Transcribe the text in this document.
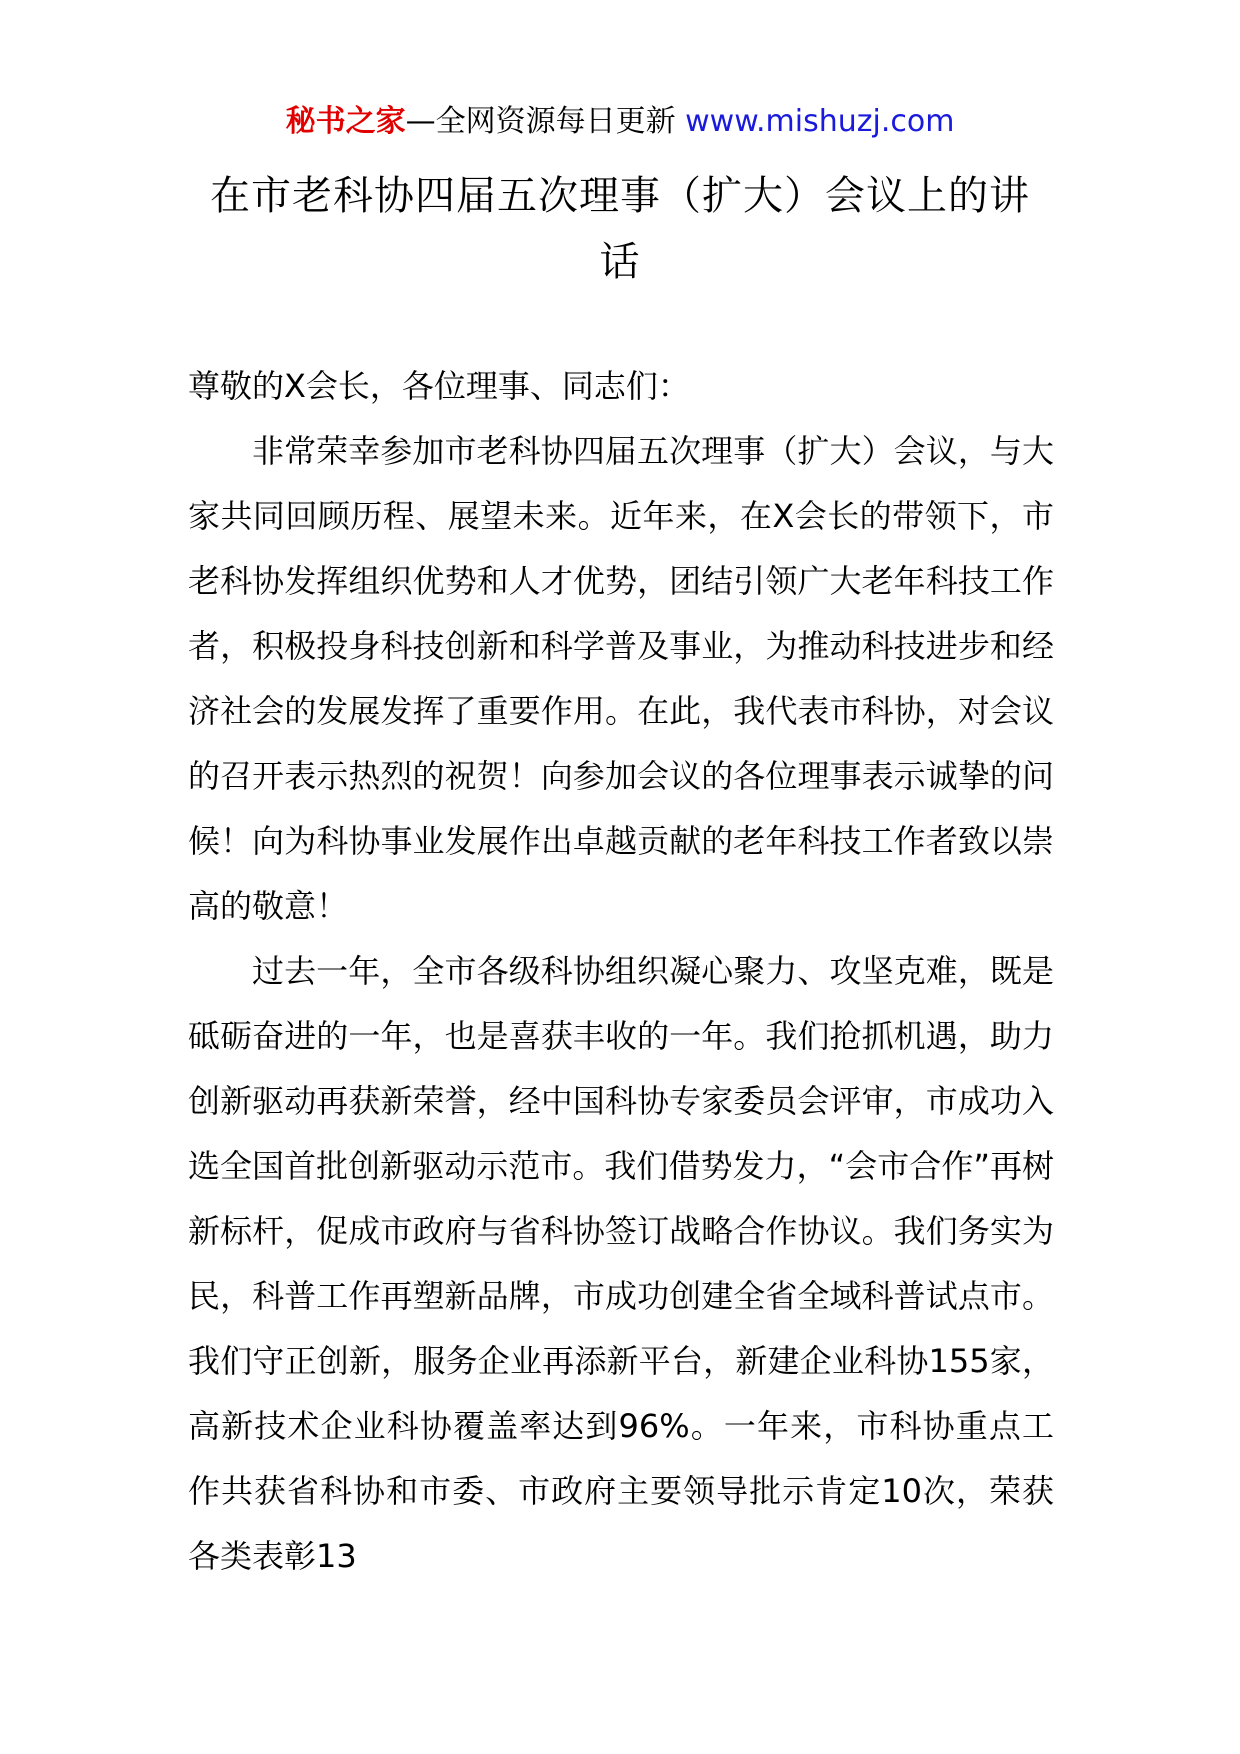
秘书之家—全网资源每日更新 www.mishuzj.com
在市老科协四届五次理事（扩大）会议上的讲话

尊敬的X会长，各位理事、同志们：

非常荣幸参加市老科协四届五次理事（扩大）会议，与大家共同回顾历程、展望未来。近年来，在X会长的带领下，市老科协发挥组织优势和人才优势，团结引领广大老年科技工作者，积极投身科技创新和科学普及事业，为推动科技进步和经济社会的发展发挥了重要作用。在此，我代表市科协，对会议的召开表示热烈的祝贺！向参加会议的各位理事表示诚挚的问候！向为科协事业发展作出卓越贡献的老年科技工作者致以崇高的敬意！

过去一年，全市各级科协组织凝心聚力、攻坚克难，既是砥砺奋进的一年，也是喜获丰收的一年。我们抢抓机遇，助力创新驱动再获新荣誉，经中国科协专家委员会评审，市成功入选全国首批创新驱动示范市。我们借势发力，“会市合作”再树新标杆，促成市政府与省科协签订战略合作协议。我们务实为民，科普工作再塑新品牌，市成功创建全省全域科普试点市。我们守正创新，服务企业再添新平台，新建企业科协155家，高新技术企业科协覆盖率达到96%。一年来，市科协重点工作共获省科协和市委、市政府主要领导批示肯定10次，荣获各类表彰13
